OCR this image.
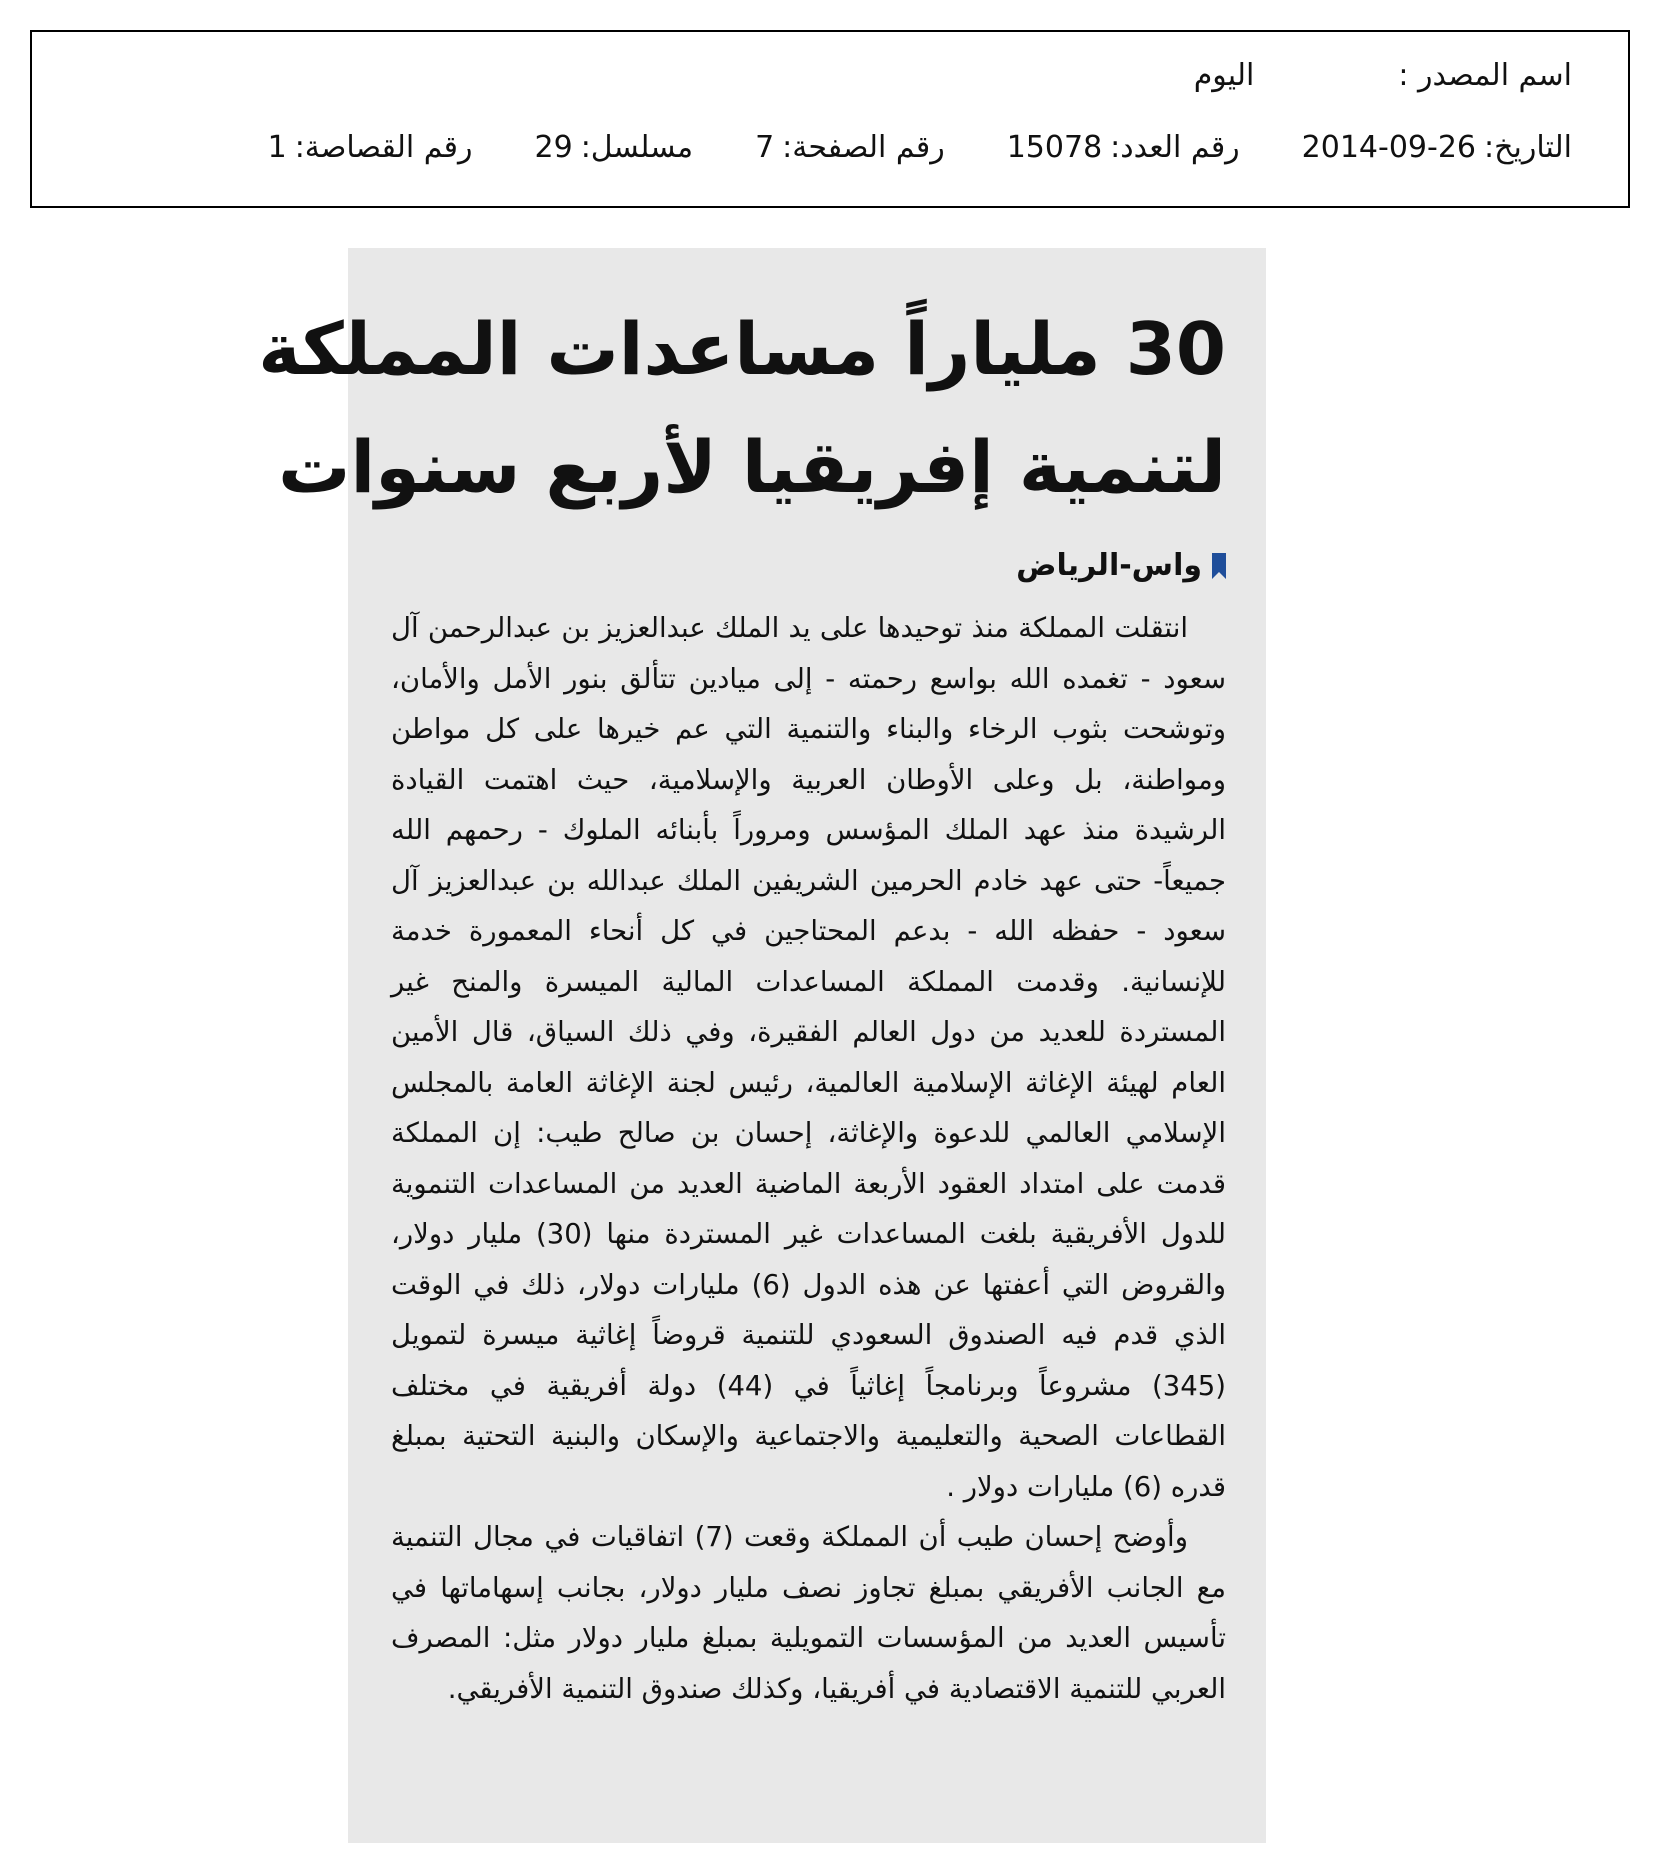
اسم المصدر :
اليوم
التاريخ:
2014-09-26
رقم العدد:
15078
رقم الصفحة:
7
مسلسل:
29
رقم القصاصة:
1
30 ملياراً مساعدات المملكة
لتنمية إفريقيا لأربع سنوات
واس-الرياض

انتقلت المملكة منذ توحيدها على يد الملك عبدالعزيز بن عبدالرحمن آل سعود - تغمده الله بواسع رحمته - إلى ميادين تتألق بنور الأمل والأمان، وتوشحت بثوب الرخاء والبناء والتنمية التي عم خيرها على كل مواطن ومواطنة، بل وعلى الأوطان العربية والإسلامية، حيث اهتمت القيادة الرشيدة منذ عهد الملك المؤسس ومروراً بأبنائه الملوك - رحمهم الله جميعاً- حتى عهد خادم الحرمين الشريفين الملك عبدالله بن عبدالعزيز آل سعود - حفظه الله - بدعم المحتاجين في كل أنحاء المعمورة خدمة للإنسانية. وقدمت المملكة المساعدات المالية الميسرة والمنح غير المستردة للعديد من دول العالم الفقيرة، وفي ذلك السياق، قال الأمين العام لهيئة الإغاثة الإسلامية العالمية، رئيس لجنة الإغاثة العامة بالمجلس الإسلامي العالمي للدعوة والإغاثة، إحسان بن صالح طيب: إن المملكة قدمت على امتداد العقود الأربعة الماضية العديد من المساعدات التنموية للدول الأفريقية بلغت المساعدات غير المستردة منها (30) مليار دولار، والقروض التي أعفتها عن هذه الدول (6) مليارات دولار، ذلك في الوقت الذي قدم فيه الصندوق السعودي للتنمية قروضاً إغاثية ميسرة لتمويل (345) مشروعاً وبرنامجاً إغاثياً في (44) دولة أفريقية في مختلف القطاعات الصحية والتعليمية والاجتماعية والإسكان والبنية التحتية بمبلغ قدره (6) مليارات دولار .

وأوضح إحسان طيب أن المملكة وقعت (7) اتفاقيات في مجال التنمية مع الجانب الأفريقي بمبلغ تجاوز نصف مليار دولار، بجانب إسهاماتها في تأسيس العديد من المؤسسات التمويلية بمبلغ مليار دولار مثل: المصرف العربي للتنمية الاقتصادية في أفريقيا، وكذلك صندوق التنمية الأفريقي.
